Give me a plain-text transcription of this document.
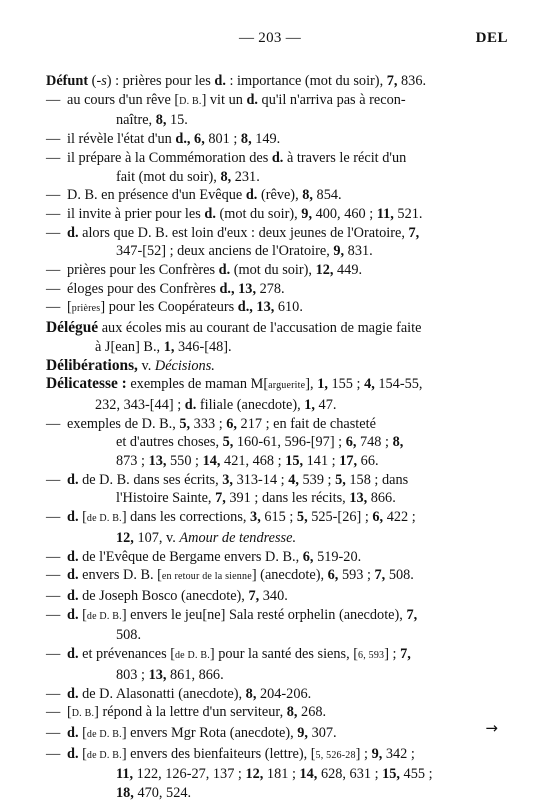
— 203 —	DEL
Défunt (-s) : prières pour les d. : importance (mot du soir), 7, 836.
— au cours d'un rêve [D. B.] vit un d. qu'il n'arriva pas à recon-
naître, 8, 15.
— il révèle l'état d'un d., 6, 801 ; 8, 149.
— il prépare à la Commémoration des d. à travers le récit d'un
fait (mot du soir), 8, 231.
— D. B. en présence d'un Evêque d. (rêve), 8, 854.
— il invite à prier pour les d. (mot du soir), 9, 400, 460 ; 11, 521.
— d. alors que D. B. est loin d'eux : deux jeunes de l'Oratoire, 7,
347-[52] ; deux anciens de l'Oratoire, 9, 831.
— prières pour les Confrères d. (mot du soir), 12, 449.
— éloges pour des Confrères d., 13, 278.
— [prières] pour les Coopérateurs d., 13, 610.
Délégué aux écoles mis au courant de l'accusation de magie faite
à J[ean] B., 1, 346-[48].
Délibérations, v. Décisions.
Délicatesse : exemples de maman M[arguerite], 1, 155 ; 4, 154-55,
232, 343-[44] ; d. filiale (anecdote), 1, 47.
— exemples de D. B., 5, 333 ; 6, 217 ; en fait de chasteté
et d'autres choses, 5, 160-61, 596-[97] ; 6, 748 ; 8,
873 ; 13, 550 ; 14, 421, 468 ; 15, 141 ; 17, 66.
— d. de D. B. dans ses écrits, 3, 313-14 ; 4, 539 ; 5, 158 ; dans
l'Histoire Sainte, 7, 391 ; dans les récits, 13, 866.
— d. [de D. B.] dans les corrections, 3, 615 ; 5, 525-[26] ; 6, 422 ;
12, 107, v. Amour de tendresse.
— d. de l'Evêque de Bergame envers D. B., 6, 519-20.
— d. envers D. B. [en retour de la sienne] (anecdote), 6, 593 ; 7, 508.
— d. de Joseph Bosco (anecdote), 7, 340.
— d. [de D. B.] envers le jeu[ne] Sala resté orphelin (anecdote), 7,
508.
— d. et prévenances [de D. B.] pour la santé des siens, [6, 593] ; 7,
803 ; 13, 861, 866.
— d. de D. Alasonatti (anecdote), 8, 204-206.
— [D. B.] répond à la lettre d'un serviteur, 8, 268.
— d. [de D. B.] envers Mgr Rota (anecdote), 9, 307.
— d. [de D. B.] envers des bienfaiteurs (lettre), [5, 526-28] ; 9, 342 ;
11, 122, 126-27, 137 ; 12, 181 ; 14, 628, 631 ; 15, 455 ;
18, 470, 524.
→
